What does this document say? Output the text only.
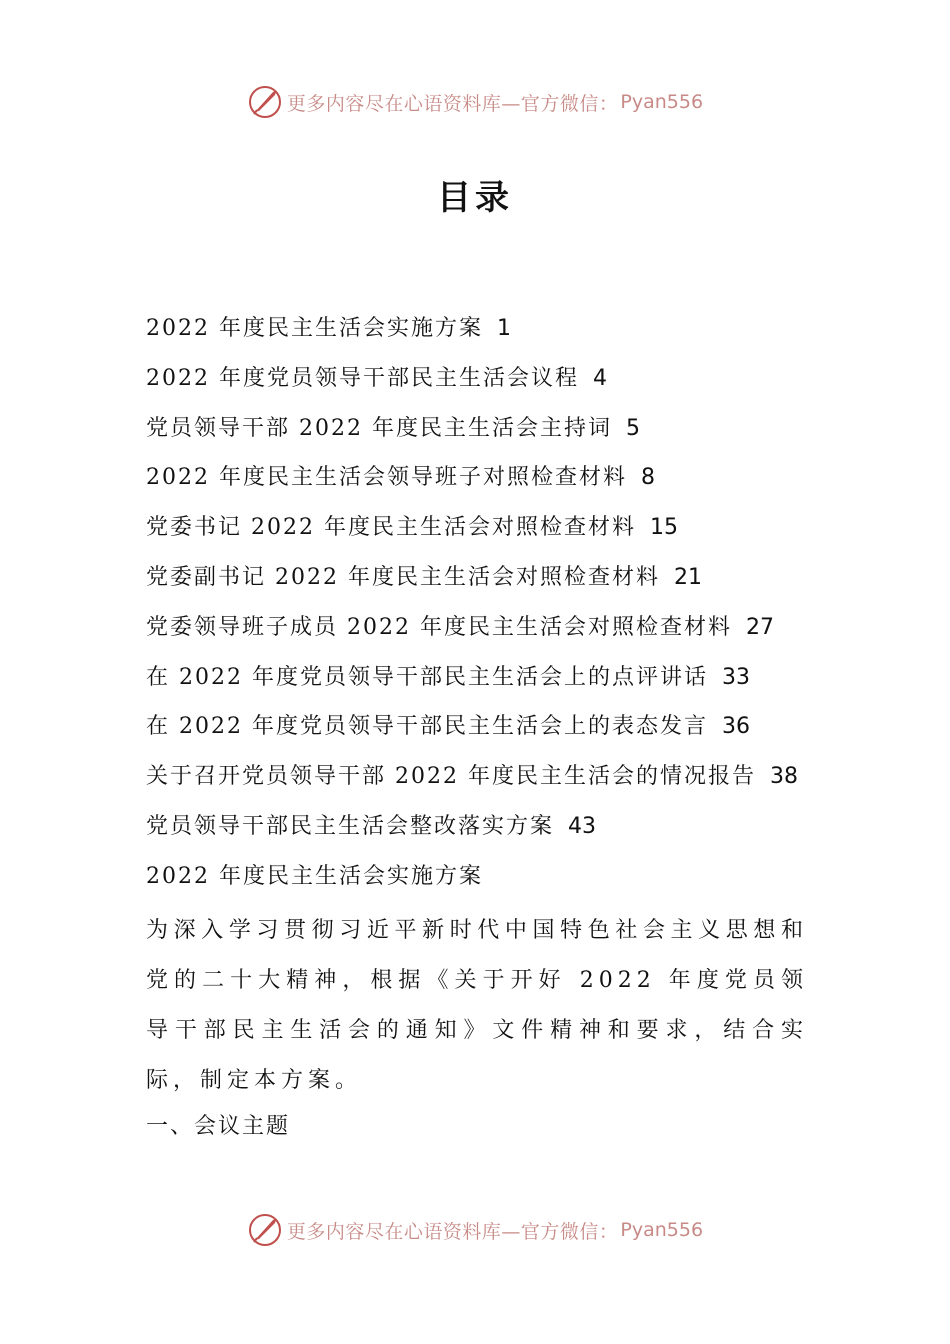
更多内容尽在心语资料库—官方微信： Pyan556
目录
2022 年度民主生活会实施方案 1
2022 年度党员领导干部民主生活会议程 4
党员领导干部 2022 年度民主生活会主持词 5
2022 年度民主生活会领导班子对照检查材料 8
党委书记 2022 年度民主生活会对照检查材料 15
党委副书记 2022 年度民主生活会对照检查材料 21
党委领导班子成员 2022 年度民主生活会对照检查材料 27
在 2022 年度党员领导干部民主生活会上的点评讲话 33
在 2022 年度党员领导干部民主生活会上的表态发言 36
关于召开党员领导干部 2022 年度民主生活会的情况报告 38
党员领导干部民主生活会整改落实方案 43
2022 年度民主生活会实施方案

为深入学习贯彻习近平新时代中国特色社会主义思想和党的二十大精神，根据《关于开好 2022 年度党员领导干部民主生活会的通知》文件精神和要求，结合实际，制定本方案。

一、会议主题
更多内容尽在心语资料库—官方微信： Pyan556
